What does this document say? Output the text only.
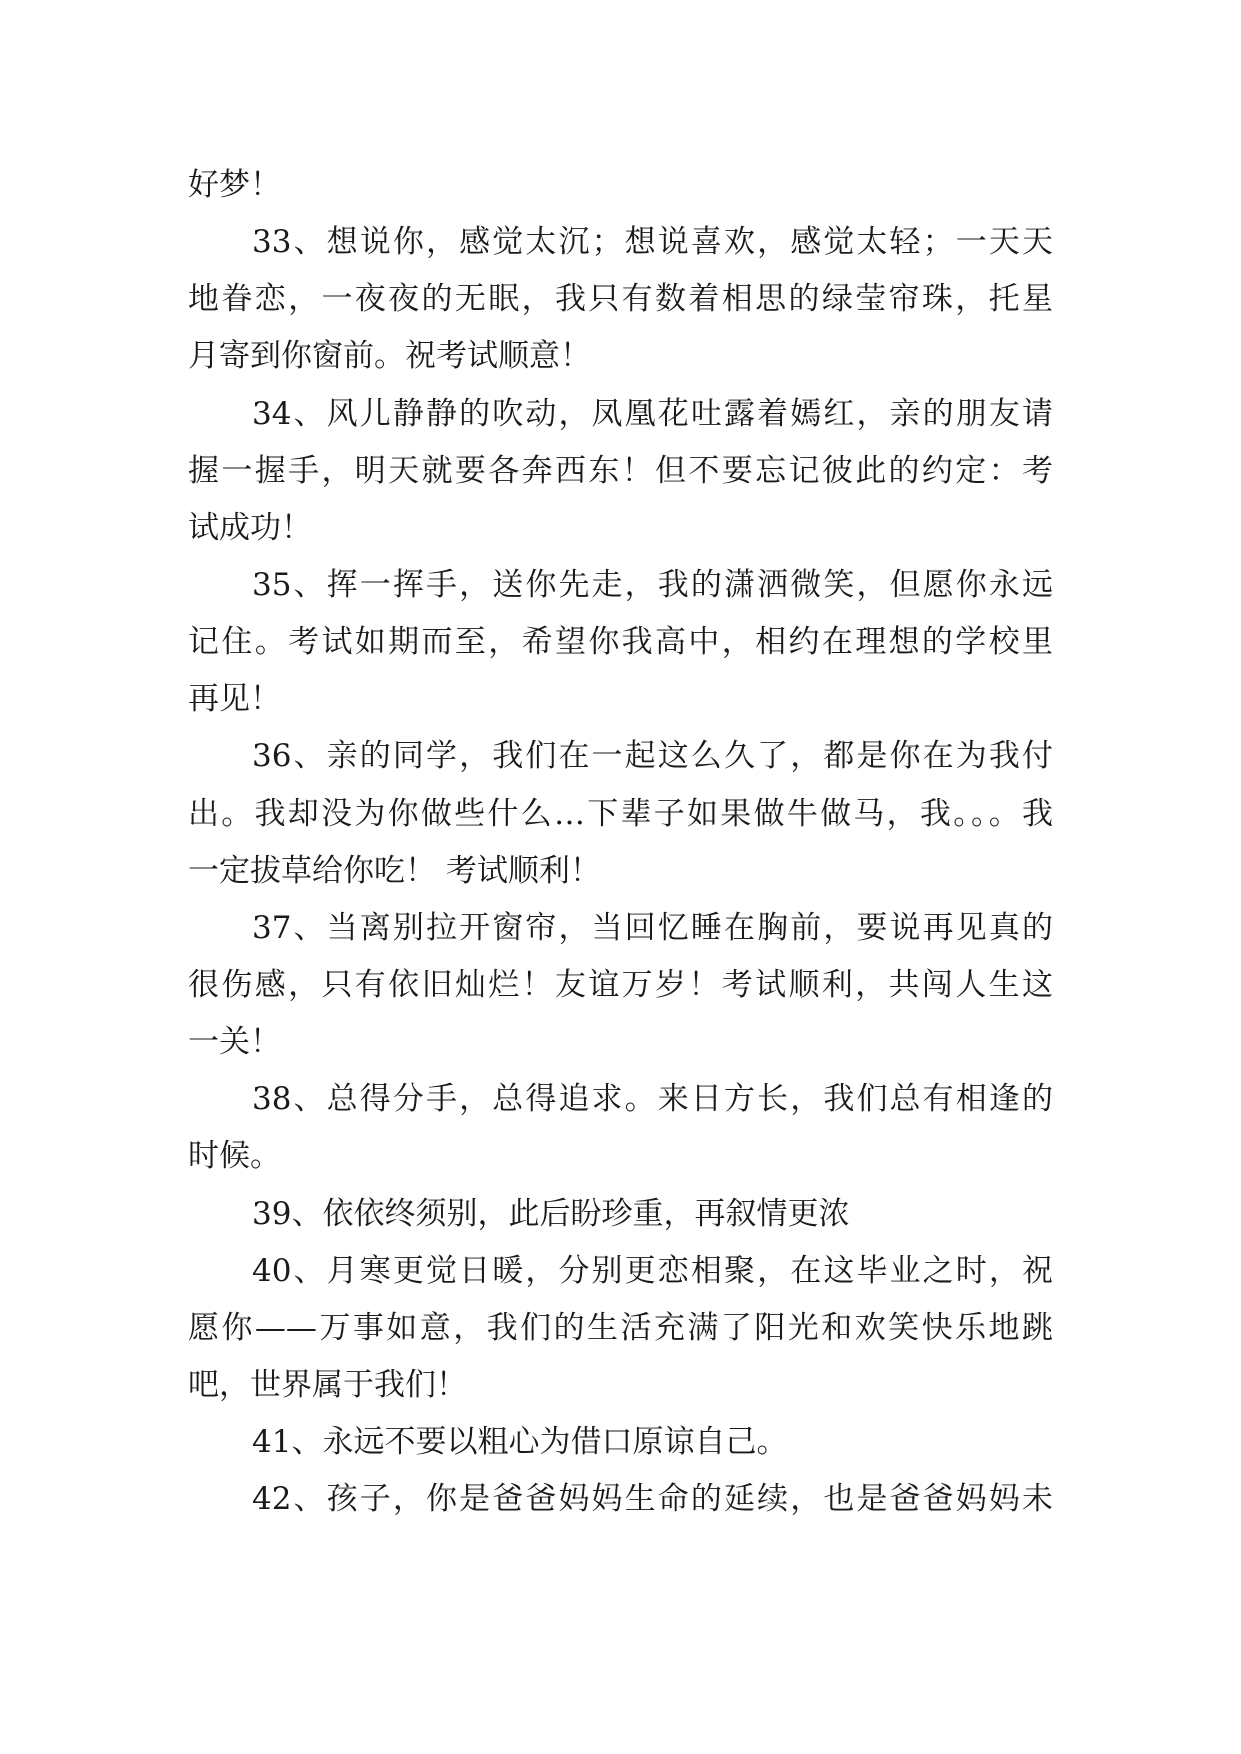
好梦！
33、想说你，感觉太沉；想说喜欢，感觉太轻；一天天
地眷恋，一夜夜的无眠，我只有数着相思的绿莹帘珠，托星
月寄到你窗前。祝考试顺意！
34、风儿静静的吹动，凤凰花吐露着嫣红，亲的朋友请
握一握手，明天就要各奔西东！但不要忘记彼此的约定：考
试成功！
35、挥一挥手，送你先走，我的潇洒微笑，但愿你永远
记住。考试如期而至，希望你我高中，相约在理想的学校里
再见！
36、亲的同学，我们在一起这么久了，都是你在为我付
出。我却没为你做些什么…下辈子如果做牛做马，我。。。我
一定拔草给你吃！ 考试顺利！
37、当离别拉开窗帘，当回忆睡在胸前，要说再见真的
很伤感，只有依旧灿烂！友谊万岁！考试顺利，共闯人生这
一关！
38、总得分手，总得追求。来日方长，我们总有相逢的
时候。
39、依依终须别，此后盼珍重，再叙情更浓
40、月寒更觉日暖，分别更恋相聚，在这毕业之时，祝
愿你——万事如意，我们的生活充满了阳光和欢笑快乐地跳
吧，世界属于我们！
41、永远不要以粗心为借口原谅自己。
42、孩子，你是爸爸妈妈生命的延续，也是爸爸妈妈未
